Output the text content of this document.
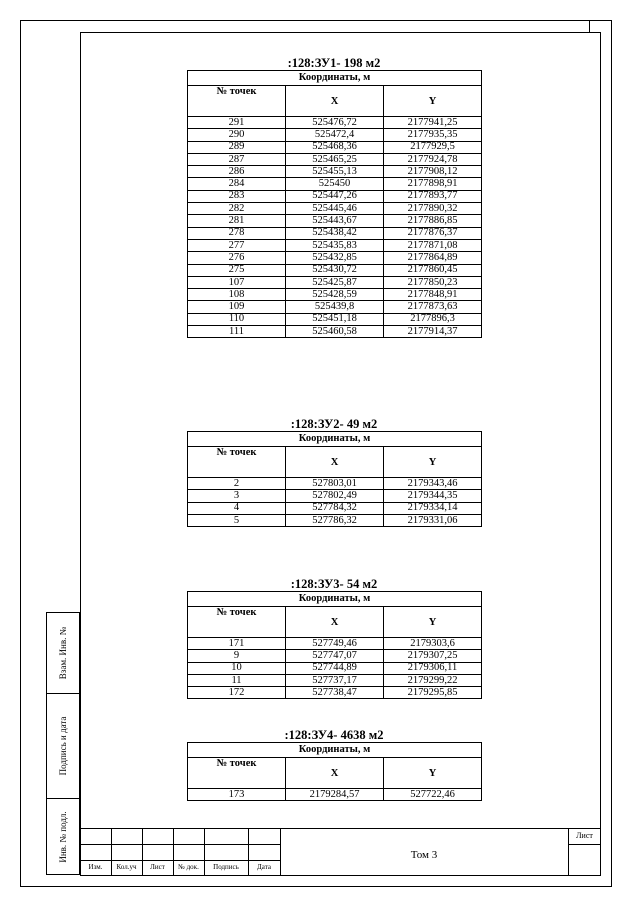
Взам. Инв. №
Подпись и дата
Инв. № подл.
:128:ЗУ1- 198 м2
Координаты, м		
№ точек	X	Y
291	525476,72	2177941,25
290	525472,4	2177935,35
289	525468,36	2177929,5
287	525465,25	2177924,78
286	525455,13	2177908,12
284	525450	2177898,91
283	525447,26	2177893,77
282	525445,46	2177890,32
281	525443,67	2177886,85
278	525438,42	2177876,37
277	525435,83	2177871,08
276	525432,85	2177864,89
275	525430,72	2177860,45
107	525425,87	2177850,23
108	525428,59	2177848,91
109	525439,8	2177873,63
110	525451,18	2177896,3
111	525460,58	2177914,37
:128:ЗУ2- 49 м2
Координаты, м		
№ точек	X	Y
2	527803,01	2179343,46
3	527802,49	2179344,35
4	527784,32	2179334,14
5	527786,32	2179331,06
:128:ЗУ3- 54 м2
Координаты, м		
№ точек	X	Y
171	527749,46	2179303,6
9	527747,07	2179307,25
10	527744,89	2179306,11
11	527737,17	2179299,22
172	527738,47	2179295,85
:128:ЗУ4- 4638 м2
Координаты, м		
№ точек	X	Y
173	2179284,57	527722,46
Изм.	Кол.уч	Лист	№ док.	Подпись	Дата
Лист
Том 3
